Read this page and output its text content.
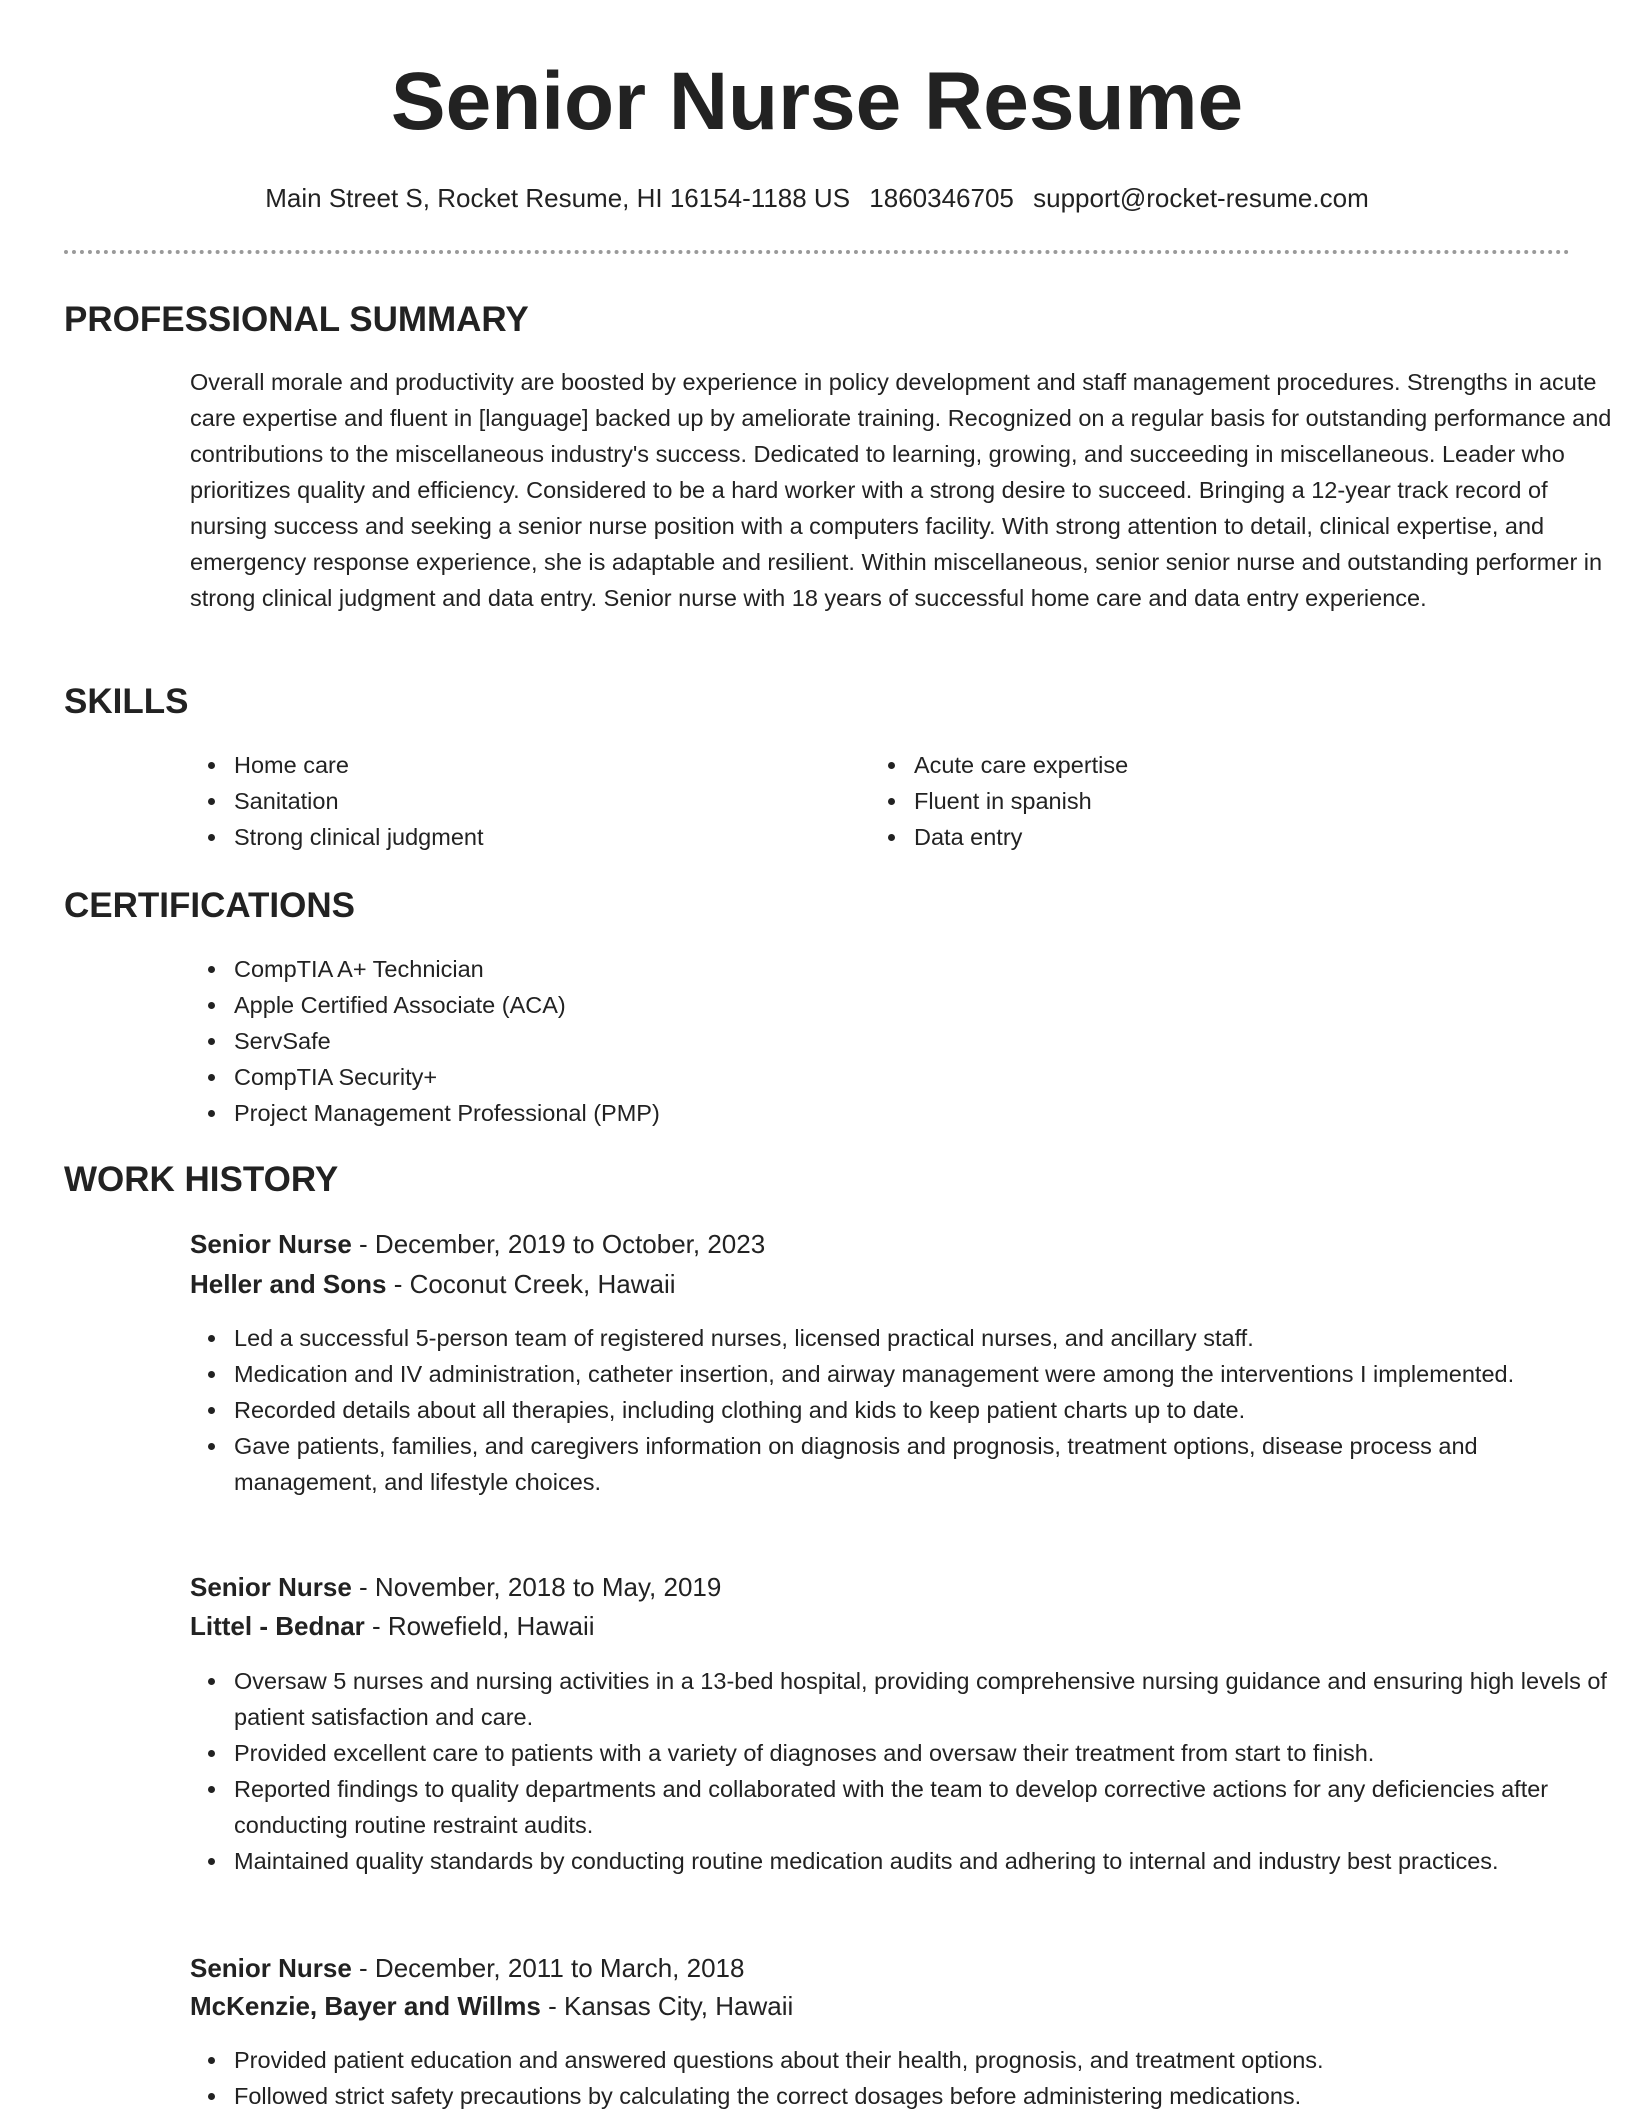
Senior Nurse Resume
Main Street S, Rocket Resume, HI 16154-1188 US 1860346705 support@rocket-resume.com
PROFESSIONAL SUMMARY

Overall morale and productivity are boosted by experience in policy development and staff management procedures. Strengths in acute care expertise and fluent in [language] backed up by ameliorate training. Recognized on a regular basis for outstanding performance and contributions to the miscellaneous industry's success. Dedicated to learning, growing, and succeeding in miscellaneous. Leader who prioritizes quality and efficiency. Considered to be a hard worker with a strong desire to succeed. Bringing a 12-year track record of nursing success and seeking a senior nurse position with a computers facility. With strong attention to detail, clinical expertise, and emergency response experience, she is adaptable and resilient. Within miscellaneous, senior senior nurse and outstanding performer in strong clinical judgment and data entry. Senior nurse with 18 years of successful home care and data entry experience.

SKILLS
Home care
Sanitation
Strong clinical judgment
Acute care expertise
Fluent in spanish
Data entry
CERTIFICATIONS
CompTIA A+ Technician
Apple Certified Associate (ACA)
ServSafe
CompTIA Security+
Project Management Professional (PMP)
WORK HISTORY
Senior Nurse - December, 2019 to October, 2023
Heller and Sons - Coconut Creek, Hawaii
Led a successful 5-person team of registered nurses, licensed practical nurses, and ancillary staff.
Medication and IV administration, catheter insertion, and airway management were among the interventions I implemented.
Recorded details about all therapies, including clothing and kids to keep patient charts up to date.
Gave patients, families, and caregivers information on diagnosis and prognosis, treatment options, disease process and management, and lifestyle choices.
Senior Nurse - November, 2018 to May, 2019
Littel - Bednar - Rowefield, Hawaii
Oversaw 5 nurses and nursing activities in a 13-bed hospital, providing comprehensive nursing guidance and ensuring high levels of patient satisfaction and care.
Provided excellent care to patients with a variety of diagnoses and oversaw their treatment from start to finish.
Reported findings to quality departments and collaborated with the team to develop corrective actions for any deficiencies after conducting routine restraint audits.
Maintained quality standards by conducting routine medication audits and adhering to internal and industry best practices.
Senior Nurse - December, 2011 to March, 2018
McKenzie, Bayer and Willms - Kansas City, Hawaii
Provided patient education and answered questions about their health, prognosis, and treatment options.
Followed strict safety precautions by calculating the correct dosages before administering medications.
